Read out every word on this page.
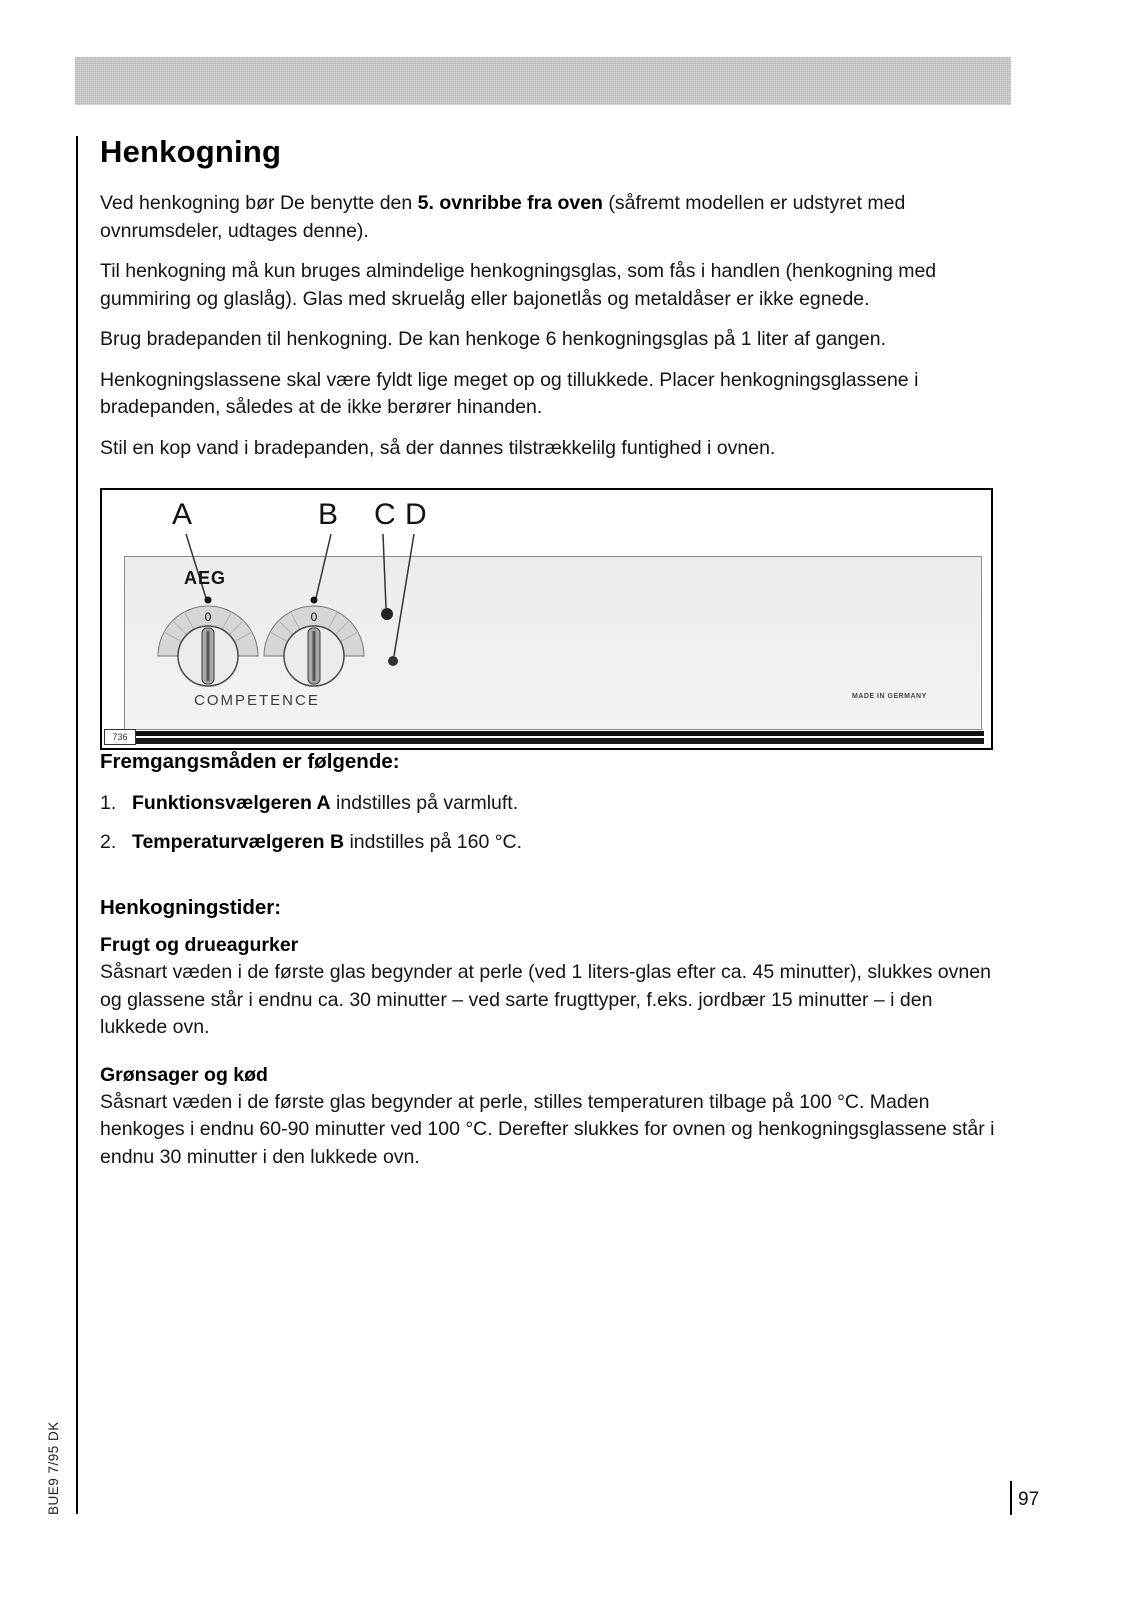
Henkogning

Ved henkogning bør De benytte den 5. ovnribbe fra oven (såfremt modellen er udstyret med ovnrumsdeler, udtages denne).

Til henkogning må kun bruges almindelige henkogningsglas, som fås i handlen (henkogning med gummiring og glaslåg). Glas med skruelåg eller bajonetlås og metaldåser er ikke egnede.

Brug bradepanden til henkogning. De kan henkoge 6 henkogningsglas på 1 liter af gangen.

Henkogningslassene skal være fyldt lige meget op og tillukkede. Placer henkogningsglassene i bradepanden, således at de ikke berører hinanden.

Stil en kop vand i bradepanden, så der dannes tilstrækkelilg funtighed i ovnen.

A	B C D
0	0
AEG
COMPETENCE	MADE IN GERMANY
736
Fremgangsmåden er følgende:
1. Funktionsvælgeren A indstilles på varmluft.
2. Temperaturvælgeren B indstilles på 160 °C.
Henkogningstider:
Frugt og drueagurker

Såsnart væden i de første glas begynder at perle (ved 1 liters-glas efter ca. 45 minutter), slukkes ovnen og glassene står i endnu ca. 30 minutter – ved sarte frugttyper, f.eks. jordbær 15 minutter – i den lukkede ovn.

Grønsager og kød

Såsnart væden i de første glas begynder at perle, stilles temperaturen tilbage på 100 °C. Maden henkoges i endnu 60-90 minutter ved 100 °C. Derefter slukkes for ovnen og henkogningsglassene står i endnu 30 minutter i den lukkede ovn.

BUE9 7/95 DK	97
